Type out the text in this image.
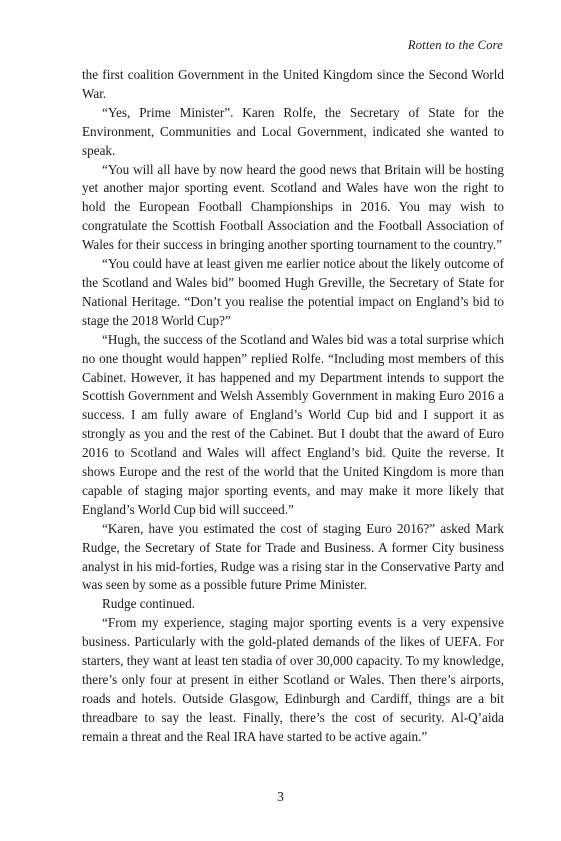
Rotten to the Core

the first coalition Government in the United Kingdom since the Second World War.

“Yes, Prime Minister”. Karen Rolfe, the Secretary of State for the Environment, Communities and Local Government, indicated she wanted to speak.

“You will all have by now heard the good news that Britain will be hosting yet another major sporting event. Scotland and Wales have won the right to hold the European Football Championships in 2016. You may wish to congratulate the Scottish Football Association and the Football Association of Wales for their success in bringing another sporting tournament to the country.”

“You could have at least given me earlier notice about the likely outcome of the Scotland and Wales bid” boomed Hugh Greville, the Secretary of State for National Heritage. “Don’t you realise the potential impact on England’s bid to stage the 2018 World Cup?”

“Hugh, the success of the Scotland and Wales bid was a total surprise which no one thought would happen” replied Rolfe. “Including most members of this Cabinet. However, it has happened and my Department intends to support the Scottish Government and Welsh Assembly Government in making Euro 2016 a success. I am fully aware of England’s World Cup bid and I support it as strongly as you and the rest of the Cabinet. But I doubt that the award of Euro 2016 to Scotland and Wales will affect England’s bid. Quite the reverse. It shows Europe and the rest of the world that the United Kingdom is more than capable of staging major sporting events, and may make it more likely that England’s World Cup bid will succeed.”

“Karen, have you estimated the cost of staging Euro 2016?” asked Mark Rudge, the Secretary of State for Trade and Business. A former City business analyst in his mid-forties, Rudge was a rising star in the Conservative Party and was seen by some as a possible future Prime Minister.

Rudge continued.

“From my experience, staging major sporting events is a very expensive business. Particularly with the gold-plated demands of the likes of UEFA. For starters, they want at least ten stadia of over 30,000 capacity. To my knowledge, there’s only four at present in either Scotland or Wales. Then there’s airports, roads and hotels. Outside Glasgow, Edinburgh and Cardiff, things are a bit threadbare to say the least. Finally, there’s the cost of security. Al-Q’aida remain a threat and the Real IRA have started to be active again.”

3
